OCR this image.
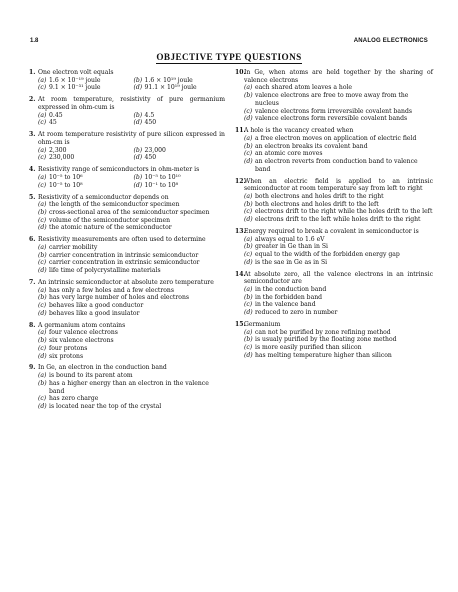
1.8	ANALOG ELECTRONICS
OBJECTIVE TYPE QUESTIONS
1. One electron volt equals
(a) 1.6 × 10⁻¹⁹ joule	(b) 1.6 × 10¹⁹ joule
(c) 9.1 × 10⁻³¹ joule	(d) 91.1 × 10¹⁹ joule
2. At room temperature, resistivity of pure germanium expressed in ohm-cum is
(a) 0.45	(b) 4.5
(c) 45	(d) 450
3. At room temperature resistivity of pure silicon expressed in ohm-cm is
(a) 2,300	(b) 23,000
(c) 230,000	(d) 450
4. Resistivity range of semiconductors in ohm-meter is
(a) 10⁻⁵ to 10⁶	(b) 10⁻⁵ to 10¹⁰
(c) 10⁻⁵ to 10⁸	(d) 10⁻¹ to 10⁸
5. Resistivity of a semiconductor depends on
(a) the length of the semiconductor specimen
(b) cross-sectional area of the semiconductor specimen
(c) volume of the semiconductor specimen
(d) the atomic nature of the semiconductor
6. Resistivity measurements are often used to determine
(a) carrier mobility
(b) carrier concentration in intrinsic semiconductor
(c) carrier concentration in extrinsic semiconductor
(d) life time of polycrystalline materials
7. An intrinsic semiconductor at absolute zero temperature
(a) has only a few holes and a few electrons
(b) has very large number of holes and electrons
(c) behaves like a good conductor
(d) behaves like a good insulator
8. A germanium atom contains
(a) four valence electrons
(b) six valence electrons
(c) four protons
(d) six protons
9. In Ge, an electron in the conduction band
(a) is bound to its parent atom
(b) has a higher energy than an electron in the valence band
(c) has zero charge
(d) is located near the top of the crystal
10.
In Ge, when atoms are held together by the sharing of valence electrons
(a) each shared atom leaves a hole
(b) valence electrons are free to move away from the nucleus
(c) valence electrons form irreversible covalent bands
(d) valence electrons form reversible covalent bands
11.
A hole is the vacancy created when
(a) a free electron moves on application of electric field
(b) an electron breaks its covalent band
(c) an atomic core moves
(d) an electron reverts from conduction band to valence band
12.
When an electric field is applied to an intrinsic semiconductor at room temperature say from left to right
(a) both electrons and holes drift to the right
(b) both electrons and holes drift to the left
(c) electrons drift to the right while the holes drift to the left
(d) electrons drift to the left while holes drift to the right
13.
Energy required to break a covalent in semiconductor is
(a) always equal to 1.6 eV
(b) greater in Ge than in Si
(c) equal to the width of the forbidden energy gap
(d) is the sae in Ge as in Si
14.
At absolute zero, all the valence electrons in an intrinsic semiconductor are
(a) in the conduction band
(b) in the forbidden band
(c) in the valence band
(d) reduced to zero in number
15.
Germanium
(a) can not be purified by zone refining method
(b) is usualy purified by the floating zone method
(c) is more easily purified than silicon
(d) has melting temperature higher than silicon
